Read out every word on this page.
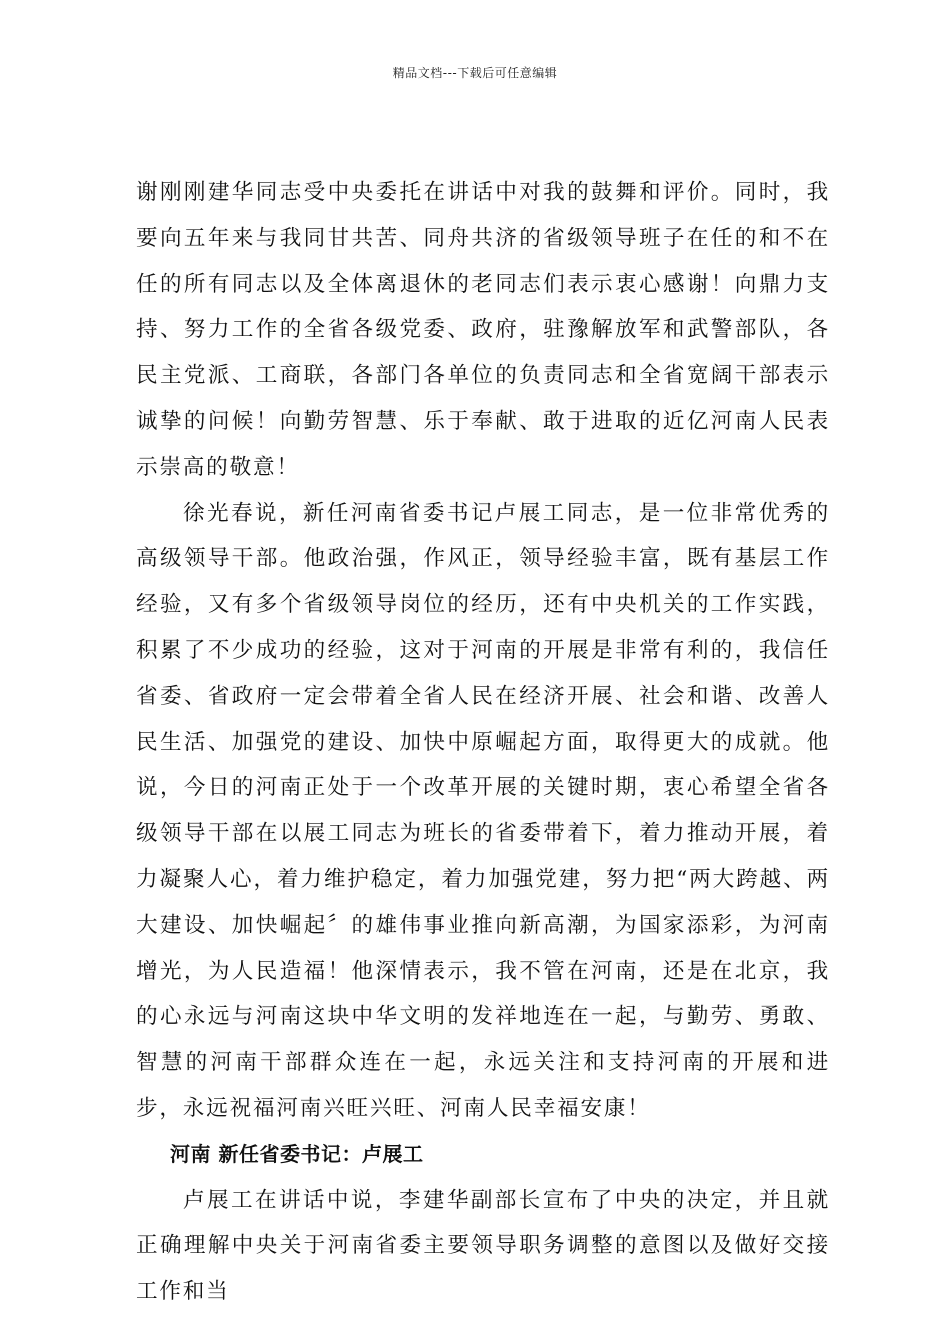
精品文档---下载后可任意编辑

谢刚刚建华同志受中央委托在讲话中对我的鼓舞和评价。同时，我要向五年来与我同甘共苦、同舟共济的省级领导班子在任的和不在任的所有同志以及全体离退休的老同志们表示衷心感谢！向鼎力支持、努力工作的全省各级党委、政府，驻豫解放军和武警部队，各民主党派、工商联，各部门各单位的负责同志和全省宽阔干部表示诚挚的问候！向勤劳智慧、乐于奉献、敢于进取的近亿河南人民表示崇高的敬意！

徐光春说，新任河南省委书记卢展工同志，是一位非常优秀的高级领导干部。他政治强，作风正，领导经验丰富，既有基层工作经验，又有多个省级领导岗位的经历，还有中央机关的工作实践，积累了不少成功的经验，这对于河南的开展是非常有利的，我信任省委、省政府一定会带着全省人民在经济开展、社会和谐、改善人民生活、加强党的建设、加快中原崛起方面，取得更大的成就。他说，今日的河南正处于一个改革开展的关键时期，衷心希望全省各级领导干部在以展工同志为班长的省委带着下，着力推动开展，着力凝聚人心，着力维护稳定，着力加强党建，努力把“两大跨越、两大建设、加快崛起〞的雄伟事业推向新高潮，为国家添彩，为河南增光，为人民造福！他深情表示，我不管在河南，还是在北京，我的心永远与河南这块中华文明的发祥地连在一起，与勤劳、勇敢、智慧的河南干部群众连在一起，永远关注和支持河南的开展和进步，永远祝福河南兴旺兴旺、河南人民幸福安康！

河南 新任省委书记：卢展工

卢展工在讲话中说，李建华副部长宣布了中央的决定，并且就正确理解中央关于河南省委主要领导职务调整的意图以及做好交接工作和当
